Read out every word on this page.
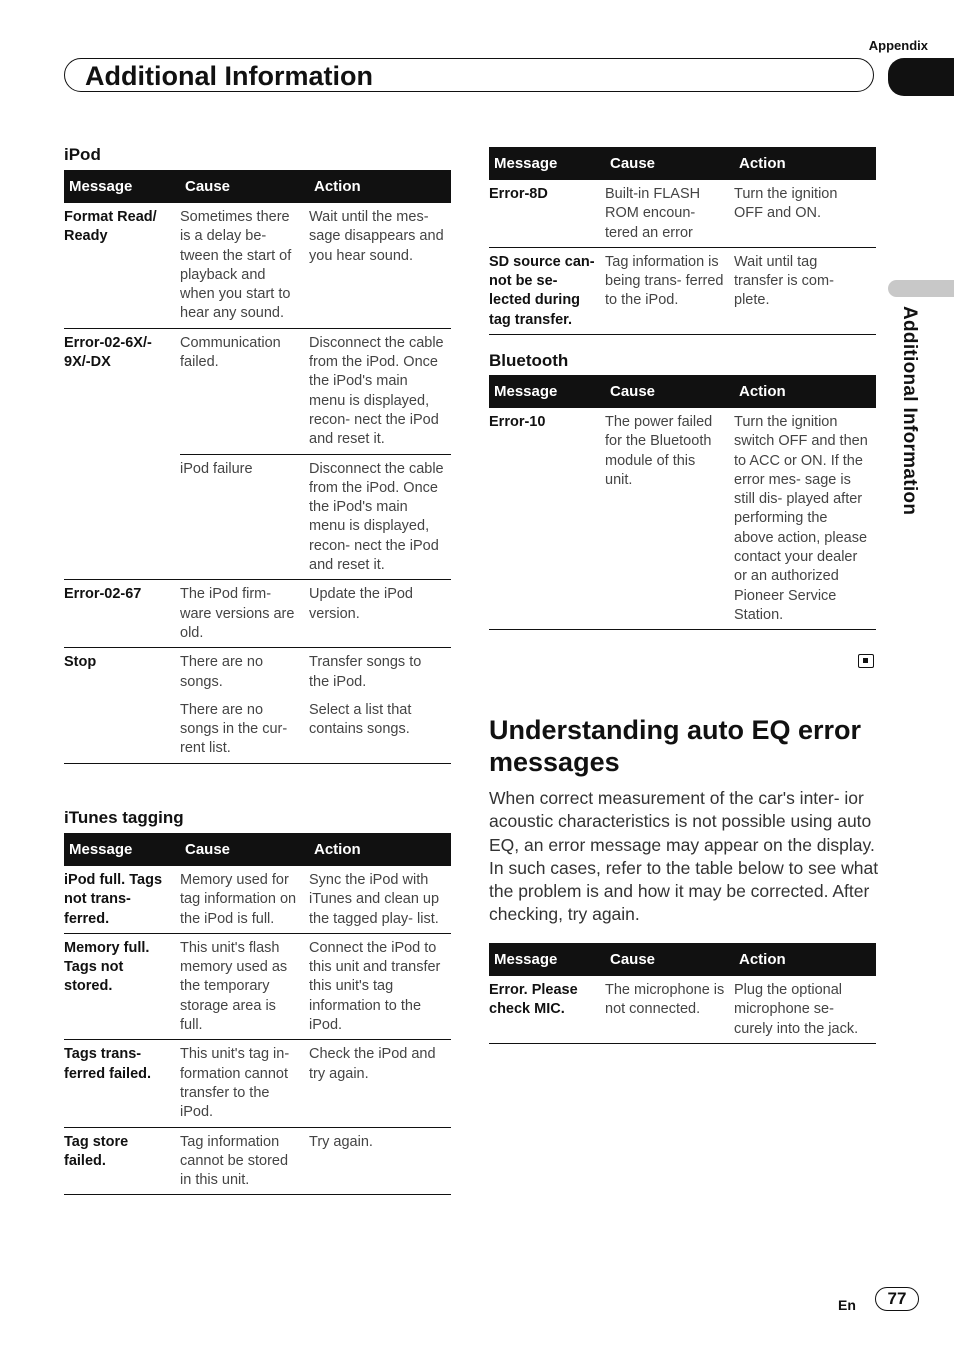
Appendix
Additional Information
Additional Information
iPod
Message	Cause	Action
Format Read/ Ready	Sometimes there is a delay be- tween the start of playback and when you start to hear any sound.	Wait until the mes- sage disappears and you hear sound.
Error-02-6X/- 9X/-DX	Communication failed.	Disconnect the cable from the iPod. Once the iPod's main menu is displayed, recon- nect the iPod and reset it.
	iPod failure	Disconnect the cable from the iPod. Once the iPod's main menu is displayed, recon- nect the iPod and reset it.
Error-02-67	The iPod firm- ware versions are old.	Update the iPod version.
Stop	There are no songs.	Transfer songs to the iPod.
	There are no songs in the cur- rent list.	Select a list that contains songs.
iTunes tagging
Message	Cause	Action
iPod full. Tags not trans- ferred.	Memory used for tag information on the iPod is full.	Sync the iPod with iTunes and clean up the tagged play- list.
Memory full. Tags not stored.	This unit's flash memory used as the temporary storage area is full.	Connect the iPod to this unit and transfer this unit's tag information to the iPod.
Tags trans- ferred failed.	This unit's tag in- formation cannot transfer to the iPod.	Check the iPod and try again.
Tag store failed.	Tag information cannot be stored in this unit.	Try again.
Message	Cause	Action
Error-8D	Built-in FLASH ROM encoun- tered an error	Turn the ignition OFF and ON.
SD source can- not be se- lected during tag transfer.	Tag information is being trans- ferred to the iPod.	Wait until tag transfer is com- plete.
Bluetooth
Message	Cause	Action
Error-10	The power failed for the Bluetooth module of this unit.	Turn the ignition switch OFF and then to ACC or ON. If the error mes- sage is still dis- played after performing the above action, please contact your dealer or an authorized Pioneer Service Station.
Understanding auto EQ error messages
When correct measurement of the car's inter- ior acoustic characteristics is not possible using auto EQ, an error message may appear on the display. In such cases, refer to the table below to see what the problem is and how it may be corrected. After checking, try again.
Message	Cause	Action
Error. Please check MIC.	The microphone is not connected.	Plug the optional microphone se- curely into the jack.
En	77
